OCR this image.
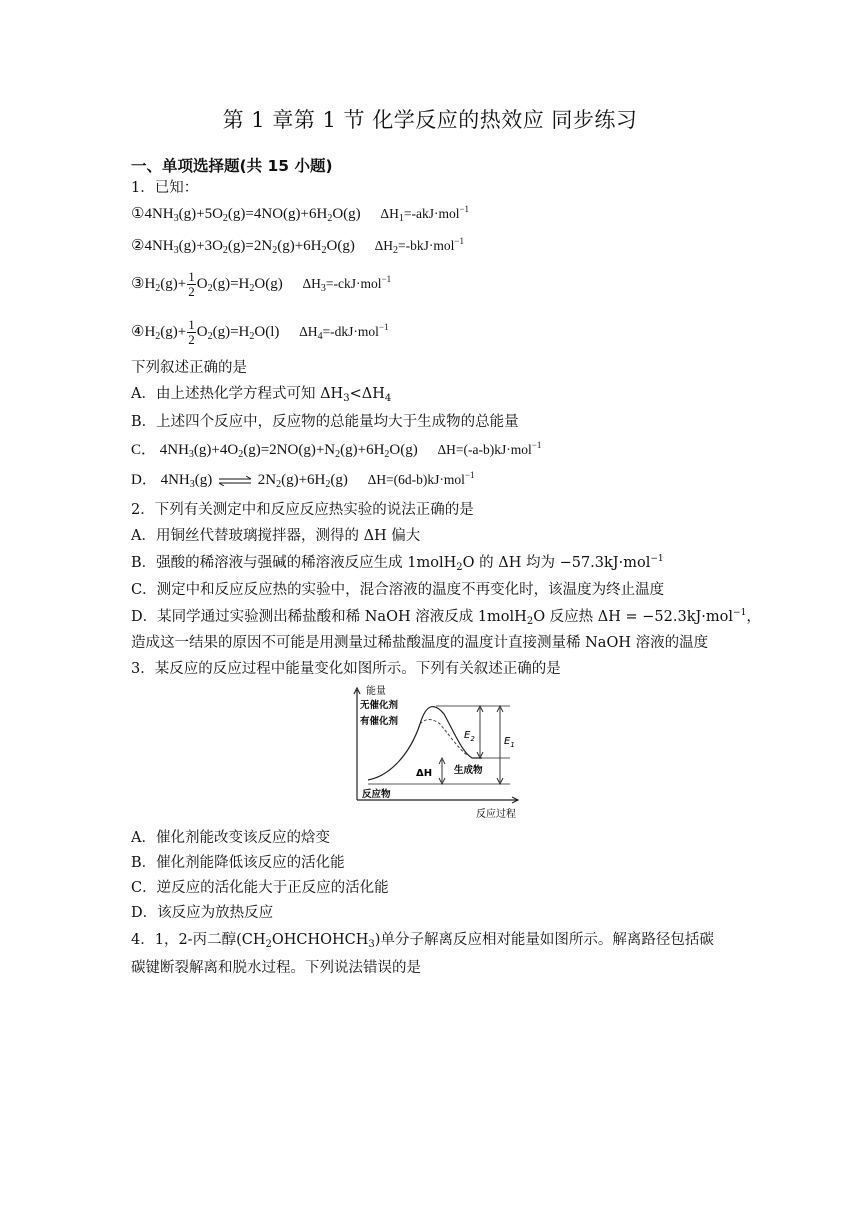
第 1 章第 1 节 化学反应的热效应 同步练习
一、单项选择题(共 15 小题)
1．已知：
$①4NH_3(g)+5O_2(g)=4NO(g)+6H_2O(g)$ $\Delta H_1=-akJ\cdot mol^{-1}$
$②4NH_3(g)+3O_2(g)=2N_2(g)+6H_2O(g)$ $\Delta H_2=-bkJ\cdot mol^{-1}$
$③H_2(g)+ \frac{1}{2} O_2(g)=H_2O(g)$ $\Delta H_3=-ckJ\cdot mol^{-1}$
$④H_2(g)+ \frac{1}{2} O_2(g)=H_2O(l)$ $\Delta H_4=-dkJ\cdot mol^{-1}$
下列叙述正确的是
A．由上述热化学方程式可知 $\Delta H_3<\Delta H_4$
B．上述四个反应中，反应物的总能量均大于生成物的总能量
C． $4NH_3(g)+4O_2(g)=2NO(g)+N_2(g)+6H_2O(g)$ ΔH=(-a-b)kJ·mol$^{-1}$
D． $4NH_3(g)$ ⇌ $2N_2(g)+6H_2(g)$ ΔH=(6d-b)kJ·mol$^{-1}$
2．下列有关测定中和反应反应热实验的说法正确的是
A．用铜丝代替玻璃搅拌器，测得的 ΔH 偏大
B．强酸的稀溶液与强碱的稀溶液反应生成 1molH$_2$O 的 ΔH 均为 −57.3kJ·mol$^{-1}$
C．测定中和反应反应热的实验中，混合溶液的温度不再变化时，该温度为终止温度
D．某同学通过实验测出稀盐酸和稀 NaOH 溶液反成 1molH$_2$O 反应热 ΔH = −52.3kJ·mol$^{-1}$，
造成这一结果的原因不可能是用测量过稀盐酸温度的温度计直接测量稀 NaOH 溶液的温度
3．某反应的反应过程中能量变化如图所示。下列有关叙述正确的是
能量
反应过程
无催化剂
有催化剂
$E_2$	$E_1$
ΔH 生成物
反应物
A．催化剂能改变该反应的焓变
B．催化剂能降低该反应的活化能
C．逆反应的活化能大于正反应的活化能
D．该反应为放热反应
4．1，2-丙二醇$(CH_2OHCHOHCH_3)$单分子解离反应相对能量如图所示。解离路径包括碳
碳键断裂解离和脱水过程。下列说法错误的是
